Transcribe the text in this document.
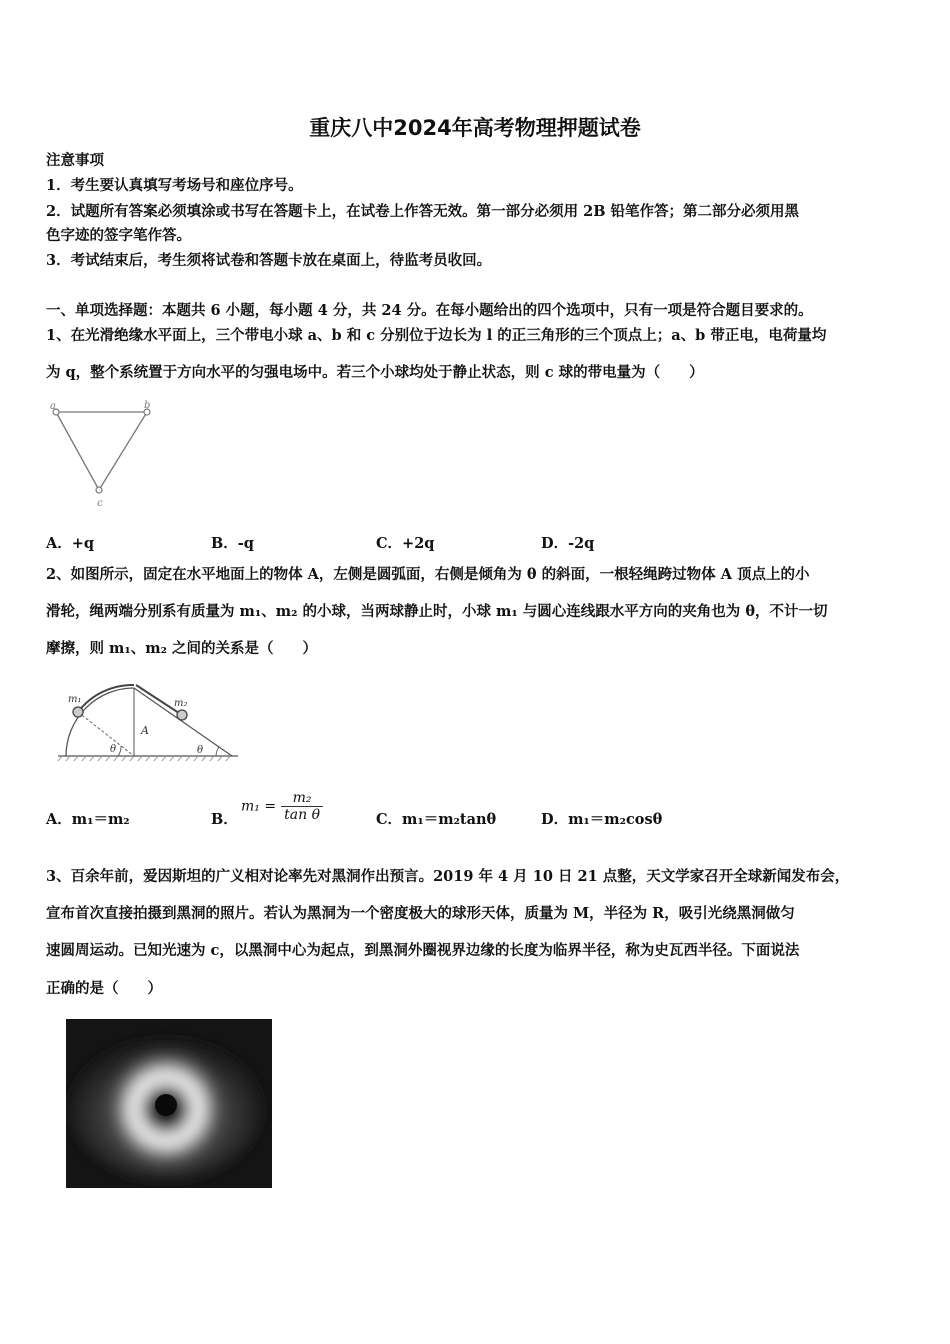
重庆八中2024年高考物理押题试卷
注意事项
1．考生要认真填写考场号和座位序号。
2．试题所有答案必须填涂或书写在答题卡上，在试卷上作答无效。第一部分必须用 2B 铅笔作答；第二部分必须用黑
色字迹的签字笔作答。
3．考试结束后，考生须将试卷和答题卡放在桌面上，待监考员收回。
一、单项选择题：本题共 6 小题，每小题 4 分，共 24 分。在每小题给出的四个选项中，只有一项是符合题目要求的。
1、在光滑绝缘水平面上，三个带电小球 a、b 和 c 分别位于边长为 l 的正三角形的三个顶点上；a、b 带正电，电荷量均
为 q，整个系统置于方向水平的匀强电场中。若三个小球均处于静止状态，则 c 球的带电量为（　　）
a	b
c
A．+q	B．-q	C．+2q	D．-2q
2、如图所示，固定在水平地面上的物体 A，左侧是圆弧面，右侧是倾角为 θ 的斜面，一根轻绳跨过物体 A 顶点上的小
滑轮，绳两端分别系有质量为 m₁、m₂ 的小球，当两球静止时，小球 m₁ 与圆心连线跟水平方向的夹角也为 θ，不计一切
摩擦，则 m₁、m₂ 之间的关系是（　　）
m₁	m₂
A
θ	θ
A．m₁＝m₂	B．
$m_1 = \frac{\text{m₂}}{\text{tan θ}}$	C．m₁＝m₂tanθ	D．m₁＝m₂cosθ
3、百余年前，爱因斯坦的广义相对论率先对黑洞作出预言。2019 年 4 月 10 日 21 点整，天文学家召开全球新闻发布会，
宣布首次直接拍摄到黑洞的照片。若认为黑洞为一个密度极大的球形天体，质量为 M，半径为 R，吸引光绕黑洞做匀
速圆周运动。已知光速为 c，以黑洞中心为起点，到黑洞外圈视界边缘的长度为临界半径，称为史瓦西半径。下面说法
正确的是（　　）
